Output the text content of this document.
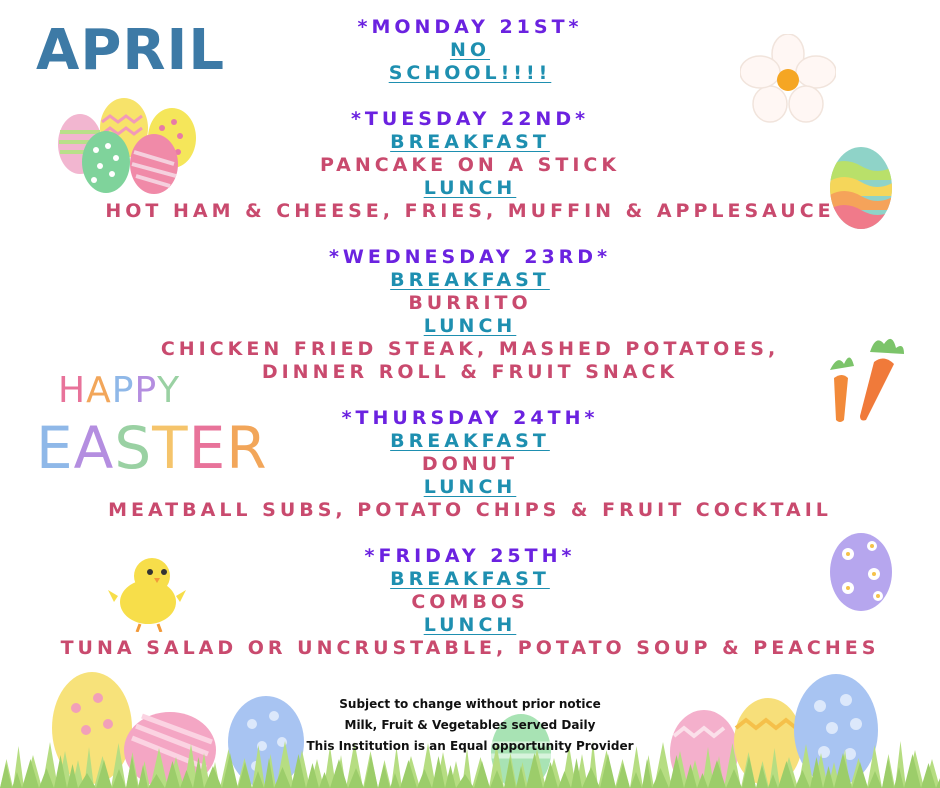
APRIL
HAPPY
EASTER
*MONDAY 21ST*
NO
SCHOOL!!!!
*TUESDAY 22ND*
BREAKFAST
PANCAKE ON A STICK
LUNCH
HOT HAM & CHEESE, FRIES, MUFFIN & APPLESAUCE
*WEDNESDAY 23RD*
BREAKFAST
BURRITO
LUNCH
CHICKEN FRIED STEAK, MASHED POTATOES,
DINNER ROLL & FRUIT SNACK
*THURSDAY 24TH*
BREAKFAST
DONUT
LUNCH
MEATBALL SUBS, POTATO CHIPS & FRUIT COCKTAIL
*FRIDAY 25TH*
BREAKFAST
COMBOS
LUNCH
TUNA SALAD OR UNCRUSTABLE, POTATO SOUP & PEACHES
Subject to change without prior notice
Milk, Fruit & Vegetables served Daily
This Institution is an Equal opportunity Provider
